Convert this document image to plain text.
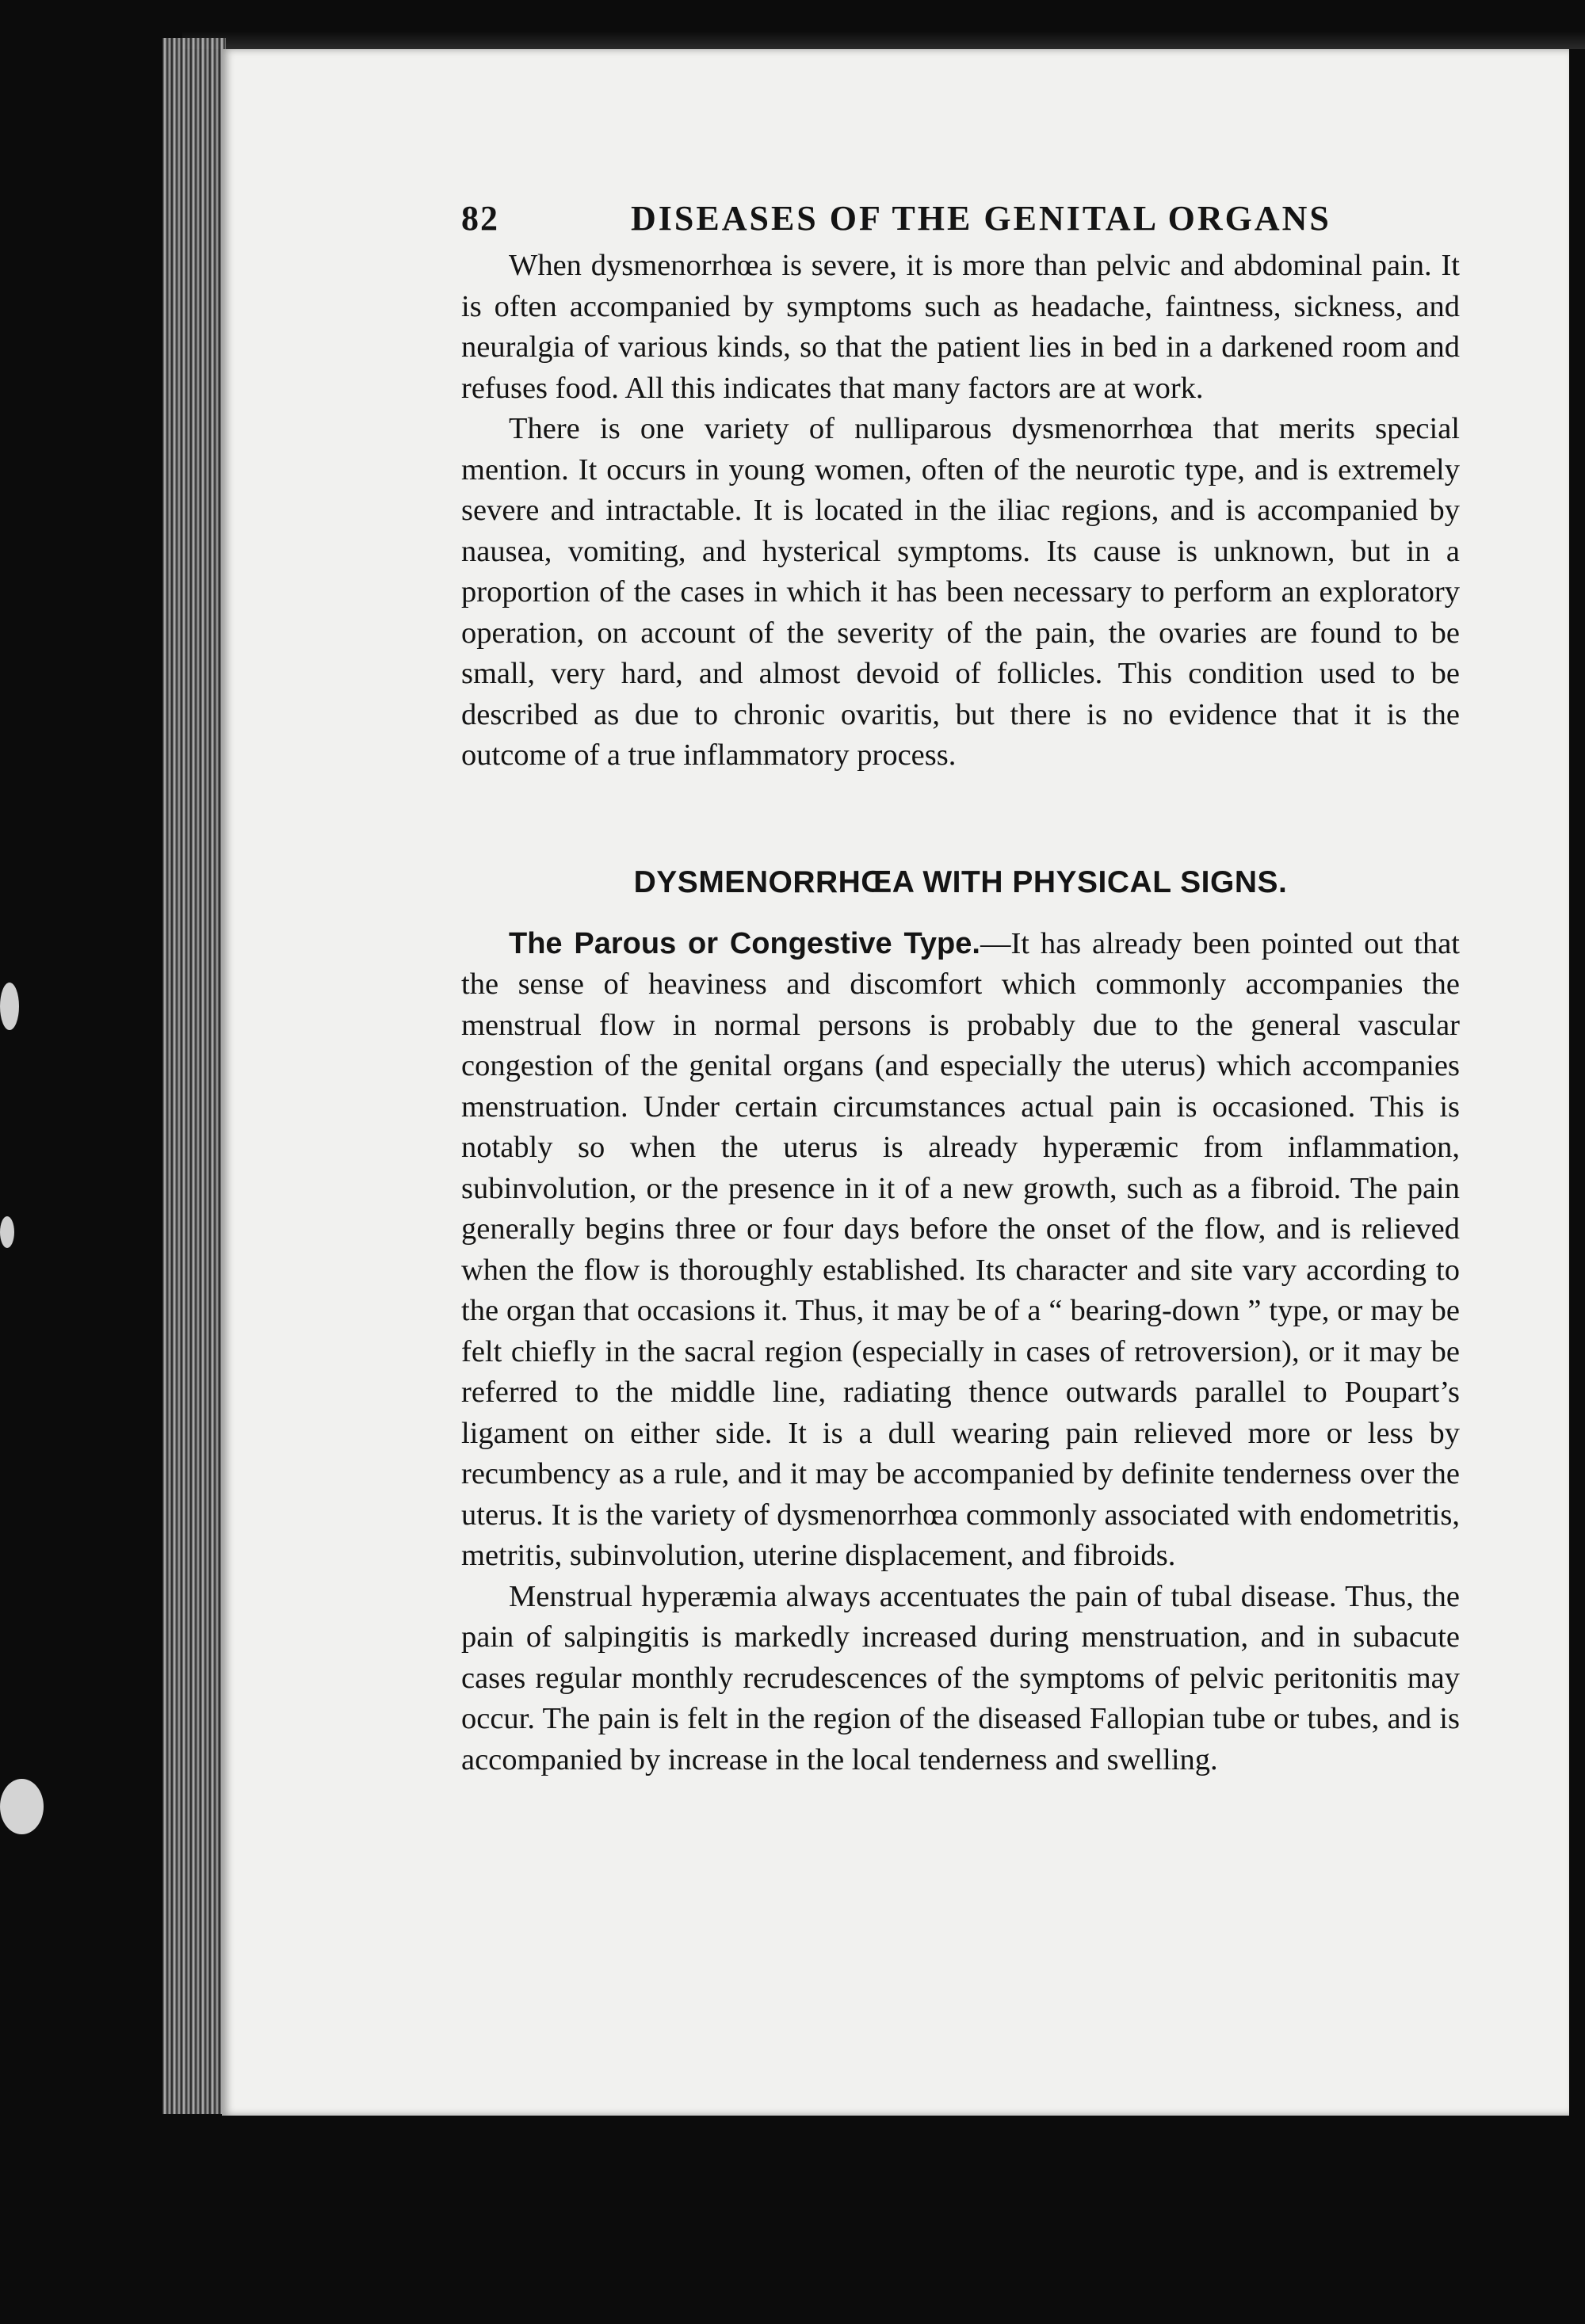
82	DISEASES OF THE GENITAL ORGANS

When dysmenorrhœa is severe, it is more than pelvic and abdominal pain. It is often accompanied by symptoms such as headache, faintness, sickness, and neuralgia of various kinds, so that the patient lies in bed in a darkened room and refuses food. All this indicates that many factors are at work.

There is one variety of nulliparous dysmenorrhœa that merits special mention. It occurs in young women, often of the neurotic type, and is extremely severe and intractable. It is located in the iliac regions, and is accompanied by nausea, vomiting, and hysterical symptoms. Its cause is unknown, but in a proportion of the cases in which it has been necessary to perform an exploratory operation, on account of the severity of the pain, the ovaries are found to be small, very hard, and almost devoid of follicles. This condition used to be described as due to chronic ovaritis, but there is no evidence that it is the outcome of a true inflammatory process.

DYSMENORRHŒA WITH PHYSICAL SIGNS.

The Parous or Congestive Type.—It has already been pointed out that the sense of heaviness and discomfort which commonly accompanies the menstrual flow in normal persons is probably due to the general vascular congestion of the genital organs (and especially the uterus) which accompanies menstruation. Under certain circumstances actual pain is occasioned. This is notably so when the uterus is already hyperæmic from inflammation, subinvolution, or the presence in it of a new growth, such as a fibroid. The pain generally begins three or four days before the onset of the flow, and is relieved when the flow is thoroughly established. Its character and site vary according to the organ that occasions it. Thus, it may be of a “ bearing-down ” type, or may be felt chiefly in the sacral region (especially in cases of retroversion), or it may be referred to the middle line, radiating thence outwards parallel to Poupart’s ligament on either side. It is a dull wearing pain relieved more or less by recumbency as a rule, and it may be accompanied by definite tenderness over the uterus. It is the variety of dysmenorrhœa commonly associated with endometritis, metritis, subinvolution, uterine displacement, and fibroids.

Menstrual hyperæmia always accentuates the pain of tubal disease. Thus, the pain of salpingitis is markedly increased during menstruation, and in subacute cases regular monthly recrudescences of the symptoms of pelvic peritonitis may occur. The pain is felt in the region of the diseased Fallopian tube or tubes, and is accompanied by increase in the local tenderness and swelling.
